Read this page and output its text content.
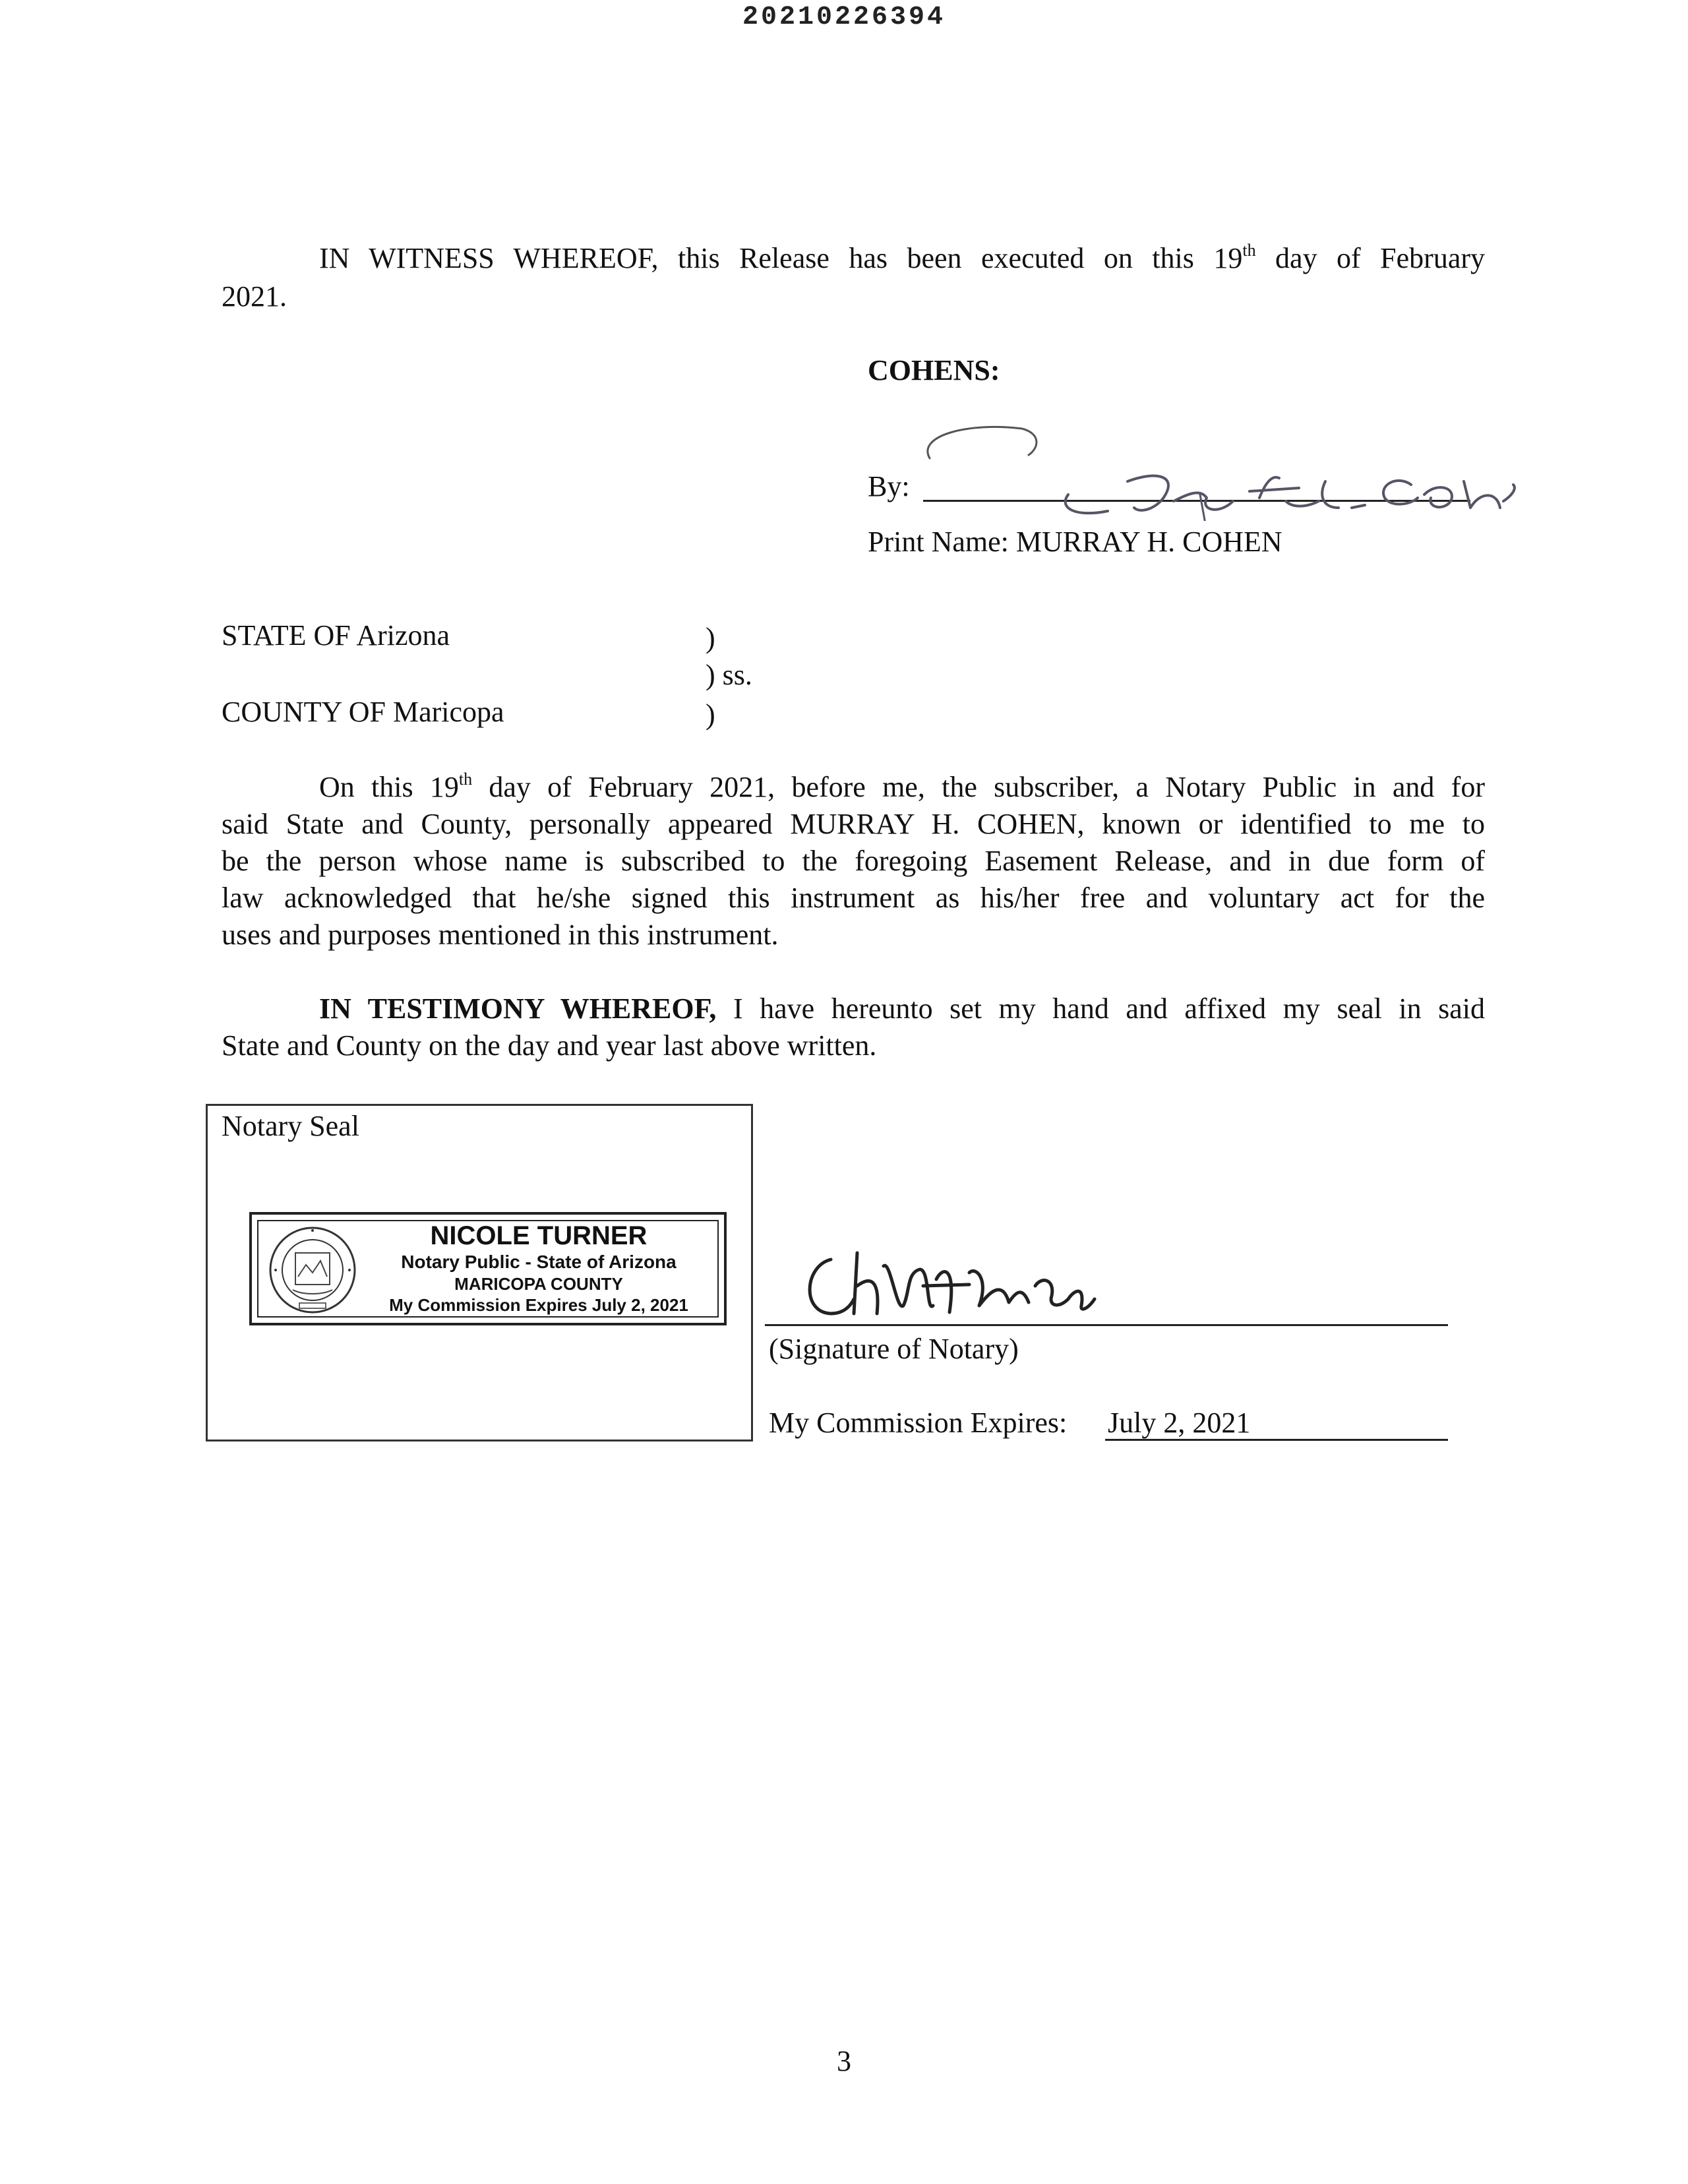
20210226394
IN WITNESS WHEREOF, this Release has been executed on this 19th day of February
2021.
COHENS:
By:
Print Name: MURRAY H. COHEN
STATE OF Arizona	)
) ss.
COUNTY OF Maricopa	)
On this 19th day of February 2021, before me, the subscriber, a Notary Public in and for
said State and County, personally appeared MURRAY H. COHEN, known or identified to me to
be the person whose name is subscribed to the foregoing Easement Release, and in due form of
law acknowledged that he/she signed this instrument as his/her free and voluntary act for the
uses and purposes mentioned in this instrument.
IN TESTIMONY WHEREOF, I have hereunto set my hand and affixed my seal in said
State and County on the day and year last above written.
Notary Seal
NICOLE TURNER
Notary Public - State of Arizona
MARICOPA COUNTY
My Commission Expires July 2, 2021
(Signature of Notary)
My Commission Expires: July 2, 2021
3
